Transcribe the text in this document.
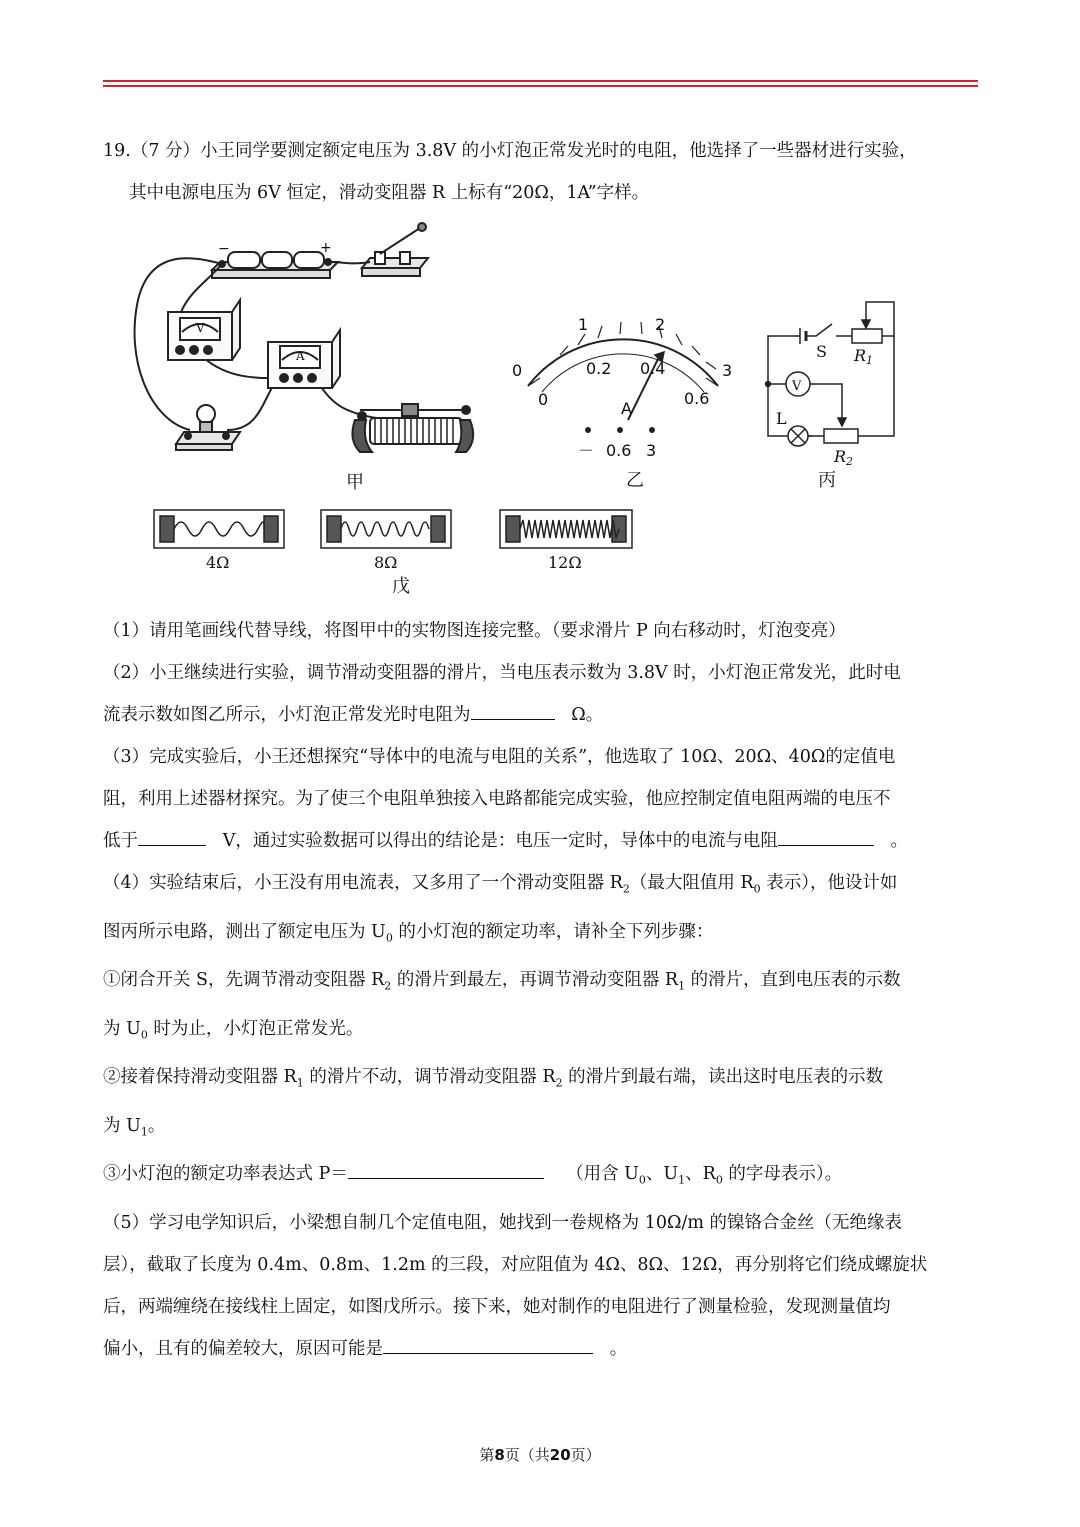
19.（7 分）小王同学要测定额定电压为 3.8V 的小灯泡正常发光时的电阻，他选择了一些器材进行实验，

其中电源电压为 6V 恒定，滑动变阻器 R 上标有“20Ω，1A”字样。

−	+
V
A
甲
0
1	2
3
0
0.2 0.4
0.6
A
－ 0.6 3
乙
S R1
V
L
R2
丙
4Ω	8Ω	12Ω
戊

（1）请用笔画线代替导线，将图甲中的实物图连接完整。（要求滑片 P 向右移动时，灯泡变亮）

（2）小王继续进行实验，调节滑动变阻器的滑片，当电压表示数为 3.8V 时，小灯泡正常发光，此时电

流表示数如图乙所示，小灯泡正常发光时电阻为	Ω。

（3）完成实验后，小王还想探究“导体中的电流与电阻的关系”，他选取了 10Ω、20Ω、40Ω的定值电

阻，利用上述器材探究。为了使三个电阻单独接入电路都能完成实验，他应控制定值电阻两端的电压不

低于	V，通过实验数据可以得出的结论是：电压一定时，导体中的电流与电阻	。

（4）实验结束后，小王没有用电流表，又多用了一个滑动变阻器 $R_2$（最大阻值用 $R_0$ 表示），他设计如

图丙所示电路，测出了额定电压为 $U_0$ 的小灯泡的额定功率，请补全下列步骤：

①闭合开关 S，先调节滑动变阻器 $R_2$ 的滑片到最左，再调节滑动变阻器 $R_1$ 的滑片，直到电压表的示数

为 $U_0$ 时为止，小灯泡正常发光。

②接着保持滑动变阻器 $R_1$ 的滑片不动，调节滑动变阻器 $R_2$ 的滑片到最右端，读出这时电压表的示数

为 $U_1$。

③小灯泡的额定功率表达式 P＝	（用含 $U_0$、$U_1$、$R_0$ 的字母表示）。

（5）学习电学知识后，小梁想自制几个定值电阻，她找到一卷规格为 10Ω/m 的镍铬合金丝（无绝缘表

层），截取了长度为 0.4m、0.8m、1.2m 的三段，对应阻值为 4Ω、8Ω、12Ω，再分别将它们绕成螺旋状

后，两端缠绕在接线柱上固定，如图戊所示。接下来，她对制作的电阻进行了测量检验，发现测量值均

偏小，且有的偏差较大，原因可能是	。

第8页（共20页）
